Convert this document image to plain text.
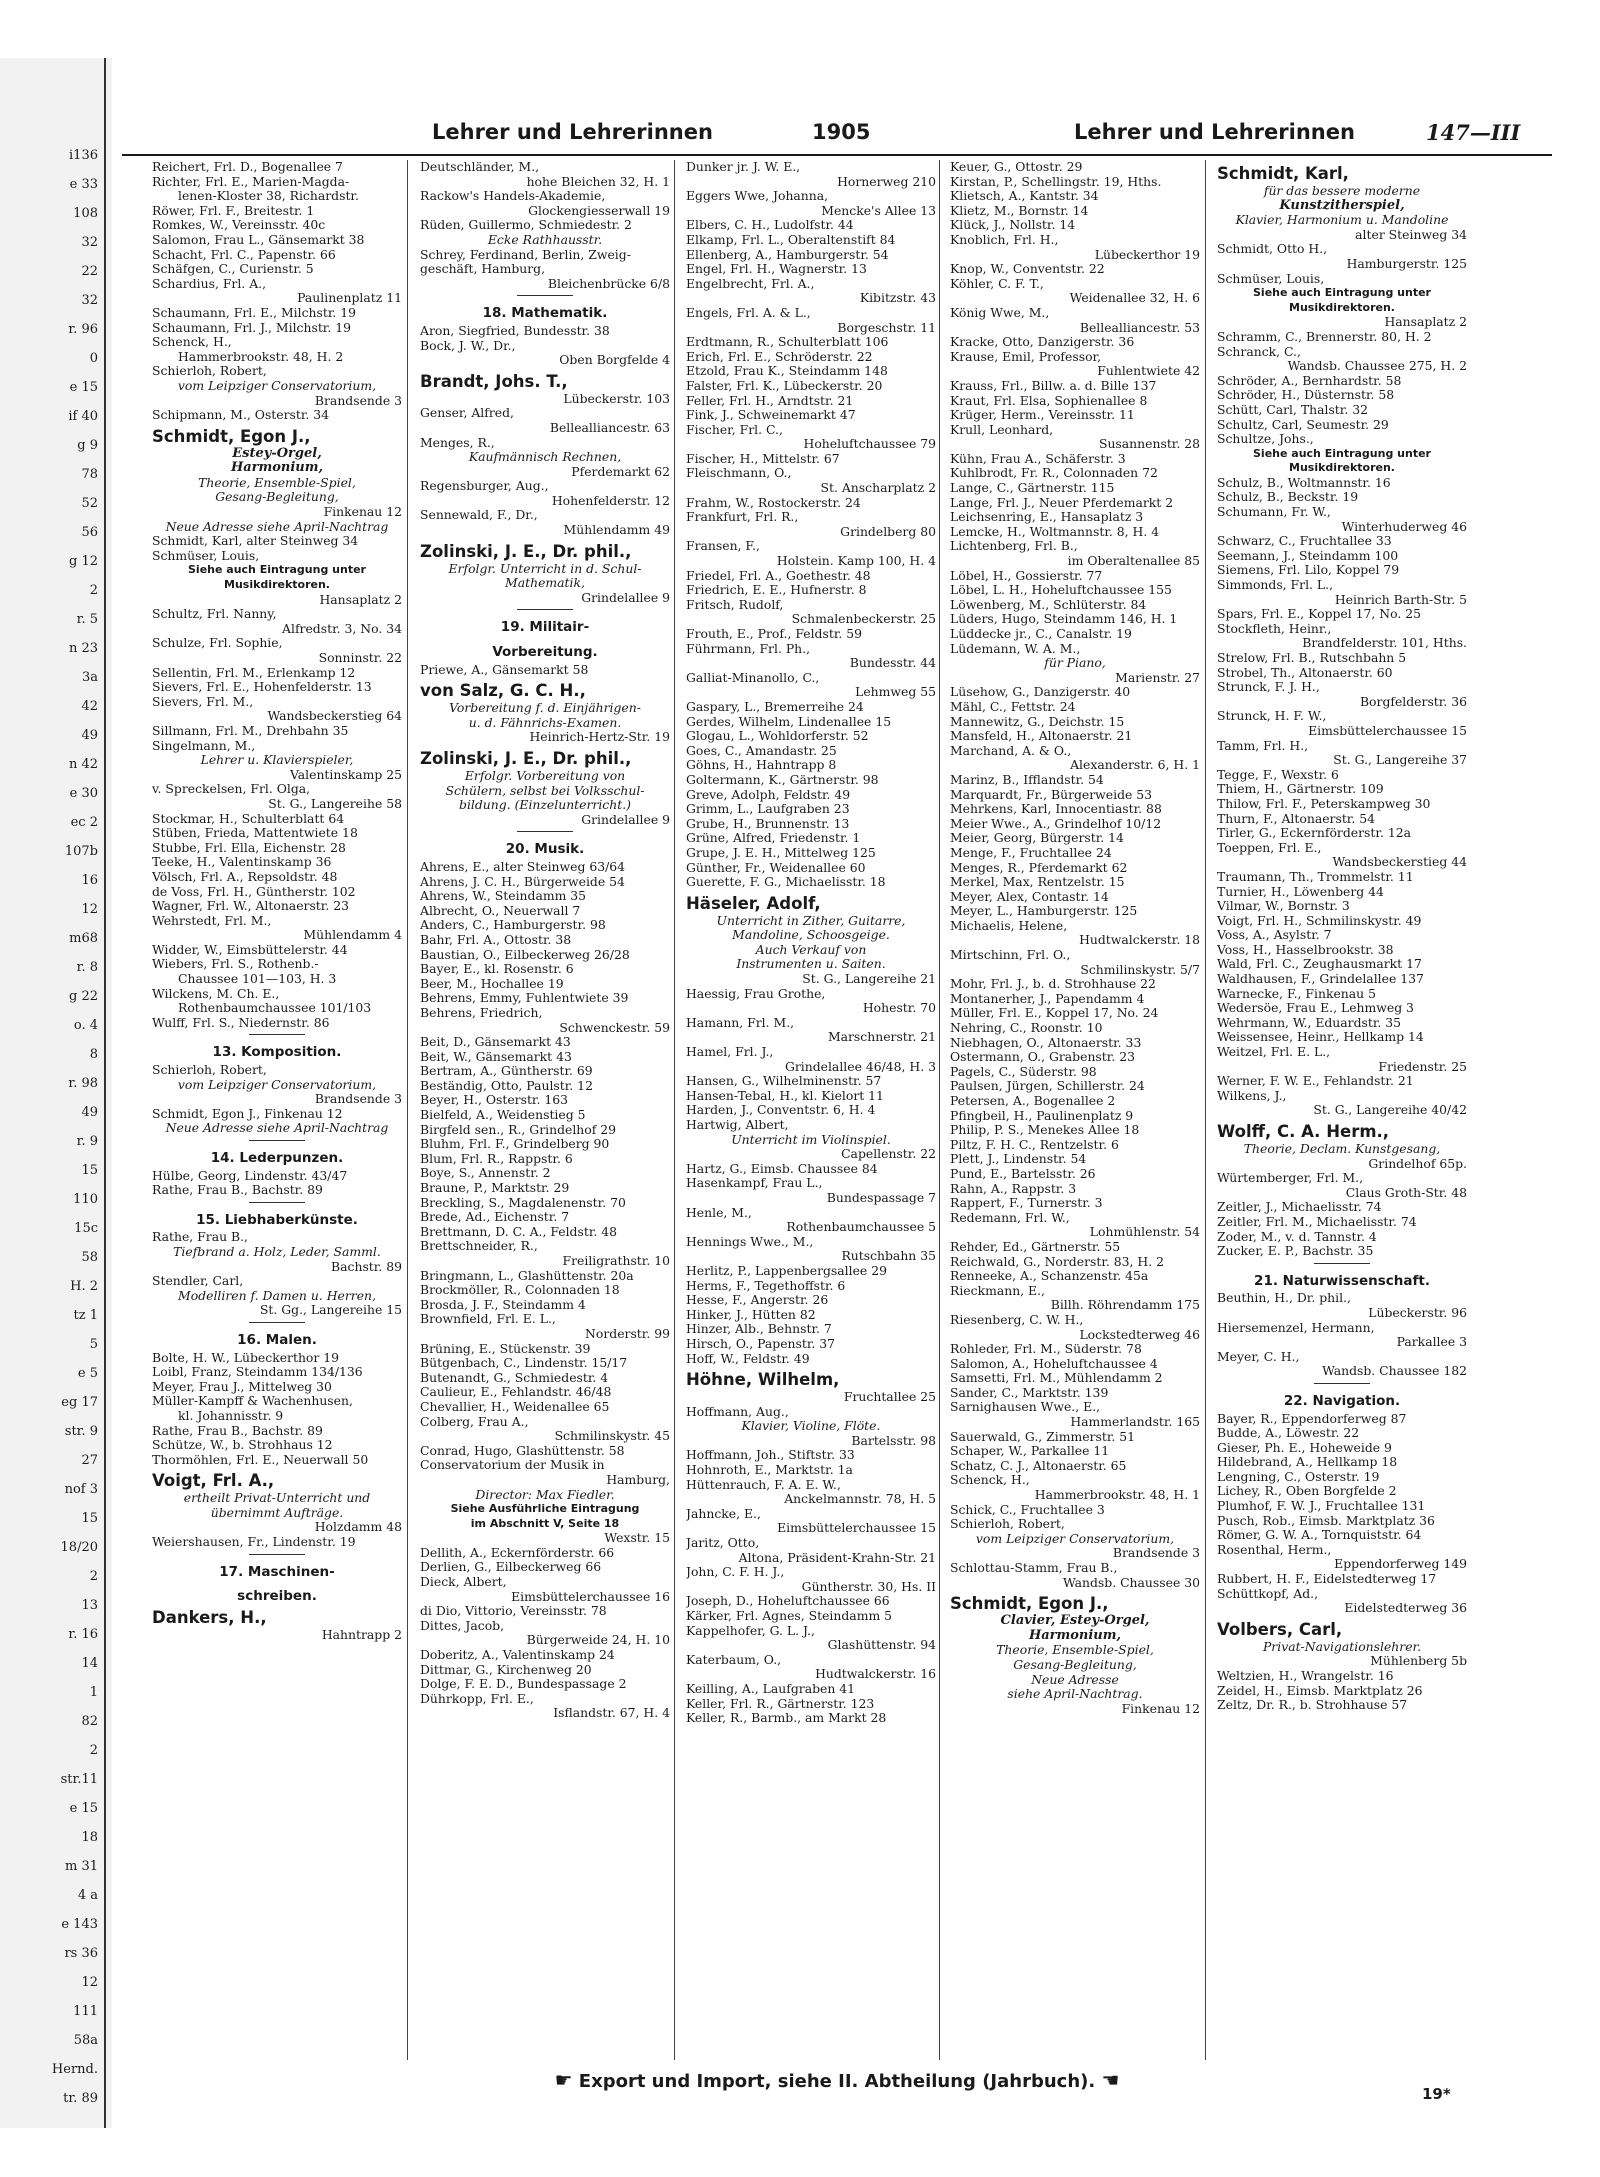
i136
e 33
108
32
22
32
r. 96
0
e 15
if 40
g 9
78
52
56
g 12
2
r. 5
n 23
3a
42
49
n 42
e 30
ec 2
107b
16
12
m68
r. 8
g 22
o. 4
8
r. 98
49
r. 9
15
110
15c
58
H. 2
tz 1
5
e 5
eg 17
str. 9
27
nof 3
15
18/20
2
13
r. 16
14
1
82
2
str.11
e 15
18
m 31
4 a
e 143
rs 36
12
111
58a
Hernd.
tr. 89
Lehrer und Lehrerinnen	1905	Lehrer und Lehrerinnen	147—III
Reichert, Frl. D., Bogenallee 7
Richter, Frl. E., Marien-Magda-
lenen-Kloster 38, Richardstr.
Röwer, Frl. F., Breitestr. 1
Romkes, W., Vereinsstr. 40c
Salomon, Frau L., Gänsemarkt 38
Schacht, Frl. C., Papenstr. 66
Schäfgen, C., Curienstr. 5
Schardius, Frl. A.,
Paulinenplatz 11
Schaumann, Frl. E., Milchstr. 19
Schaumann, Frl. J., Milchstr. 19
Schenck, H.,
Hammerbrookstr. 48, H. 2
Schierloh, Robert,
vom Leipziger Conservatorium,
Brandsende 3
Schipmann, M., Osterstr. 34
Schmidt, Egon J.,
Estey-Orgel,
Harmonium,
Theorie, Ensemble-Spiel,
Gesang-Begleitung,
Finkenau 12
Neue Adresse siehe April-Nachtrag
Schmidt, Karl, alter Steinweg 34
Schmüser, Louis,
Siehe auch Eintragung unter
Musikdirektoren.
Hansaplatz 2
Schultz, Frl. Nanny,
Alfredstr. 3, No. 34
Schulze, Frl. Sophie,
Sonninstr. 22
Sellentin, Frl. M., Erlenkamp 12
Sievers, Frl. E., Hohenfelderstr. 13
Sievers, Frl. M.,
Wandsbeckerstieg 64
Sillmann, Frl. M., Drehbahn 35
Singelmann, M.,
Lehrer u. Klavierspieler,
Valentinskamp 25
v. Spreckelsen, Frl. Olga,
St. G., Langereihe 58
Stockmar, H., Schulterblatt 64
Stüben, Frieda, Mattentwiete 18
Stubbe, Frl. Ella, Eichenstr. 28
Teeke, H., Valentinskamp 36
Völsch, Frl. A., Repsoldstr. 48
de Voss, Frl. H., Güntherstr. 102
Wagner, Frl. W., Altonaerstr. 23
Wehrstedt, Frl. M.,
Mühlendamm 4
Widder, W., Eimsbüttelerstr. 44
Wiebers, Frl. S., Rothenb.-
Chaussee 101—103, H. 3
Wilckens, M. Ch. E.,
Rothenbaumchaussee 101/103
Wulff, Frl. S., Niedernstr. 86
13. Komposition.
Schierloh, Robert,
vom Leipziger Conservatorium,
Brandsende 3
Schmidt, Egon J., Finkenau 12
Neue Adresse siehe April-Nachtrag
14. Lederpunzen.
Hülbe, Georg, Lindenstr. 43/47
Rathe, Frau B., Bachstr. 89
15. Liebhaberkünste.
Rathe, Frau B.,
Tiefbrand a. Holz, Leder, Samml.
Bachstr. 89
Stendler, Carl,
Modelliren f. Damen u. Herren,
St. Gg., Langereihe 15
16. Malen.
Bolte, H. W., Lübeckerthor 19
Loibl, Franz, Steindamm 134/136
Meyer, Frau J., Mittelweg 30
Müller-Kampff & Wachenhusen,
kl. Johannisstr. 9
Rathe, Frau B., Bachstr. 89
Schütze, W., b. Strohhaus 12
Thormöhlen, Frl. E., Neuerwall 50
Voigt, Frl. A.,
ertheilt Privat-Unterricht und
übernimmt Aufträge.
Holzdamm 48
Weiershausen, Fr., Lindenstr. 19
17. Maschinen-
schreiben.
Dankers, H.,
Hahntrapp 2
Deutschländer, M.,
hohe Bleichen 32, H. 1
Rackow's Handels-Akademie,
Glockengiesserwall 19
Rüden, Guillermo, Schmiedestr. 2
Ecke Rathhausstr.
Schrey, Ferdinand, Berlin, Zweig-
geschäft, Hamburg,
Bleichenbrücke 6/8
18. Mathematik.
Aron, Siegfried, Bundesstr. 38
Bock, J. W., Dr.,
Oben Borgfelde 4
Brandt, Johs. T.,
Lübeckerstr. 103
Genser, Alfred,
Bellealliancestr. 63
Menges, R.,
Kaufmännisch Rechnen,
Pferdemarkt 62
Regensburger, Aug.,
Hohenfelderstr. 12
Sennewald, F., Dr.,
Mühlendamm 49
Zolinski, J. E., Dr. phil.,
Erfolgr. Unterricht in d. Schul-
Mathematik,
Grindelallee 9
19. Militair-
Vorbereitung.
Priewe, A., Gänsemarkt 58
von Salz, G. C. H.,
Vorbereitung f. d. Einjährigen-
u. d. Fähnrichs-Examen.
Heinrich-Hertz-Str. 19
Zolinski, J. E., Dr. phil.,
Erfolgr. Vorbereitung von
Schülern, selbst bei Volksschul-
bildung. (Einzelunterricht.)
Grindelallee 9
20. Musik.
Ahrens, E., alter Steinweg 63/64
Ahrens, J. C. H., Bürgerweide 54
Ahrens, W., Steindamm 35
Albrecht, O., Neuerwall 7
Anders, C., Hamburgerstr. 98
Bahr, Frl. A., Ottostr. 38
Baustian, O., Eilbeckerweg 26/28
Bayer, E., kl. Rosenstr. 6
Beer, M., Hochallee 19
Behrens, Emmy, Fuhlentwiete 39
Behrens, Friedrich,
Schwenckestr. 59
Beit, D., Gänsemarkt 43
Beit, W., Gänsemarkt 43
Bertram, A., Güntherstr. 69
Beständig, Otto, Paulstr. 12
Beyer, H., Osterstr. 163
Bielfeld, A., Weidenstieg 5
Birgfeld sen., R., Grindelhof 29
Bluhm, Frl. F., Grindelberg 90
Blum, Frl. R., Rappstr. 6
Boye, S., Annenstr. 2
Braune, P., Marktstr. 29
Breckling, S., Magdalenenstr. 70
Brede, Ad., Eichenstr. 7
Brettmann, D. C. A., Feldstr. 48
Brettschneider, R.,
Freiligrathstr. 10
Bringmann, L., Glashüttenstr. 20a
Brockmöller, R., Colonnaden 18
Brosda, J. F., Steindamm 4
Brownfield, Frl. E. L.,
Norderstr. 99
Brüning, E., Stückenstr. 39
Bütgenbach, C., Lindenstr. 15/17
Butenandt, G., Schmiedestr. 4
Caulieur, E., Fehlandstr. 46/48
Chevallier, H., Weidenallee 65
Colberg, Frau A.,
Schmilinskystr. 45
Conrad, Hugo, Glashüttenstr. 58
Conservatorium der Musik in
Hamburg,
Director: Max Fiedler.
Siehe Ausführliche Eintragung
im Abschnitt V, Seite 18
Wexstr. 15
Dellith, A., Eckernförderstr. 66
Derlien, G., Eilbeckerweg 66
Dieck, Albert,
Eimsbüttelerchaussee 16
di Dio, Vittorio, Vereinsstr. 78
Dittes, Jacob,
Bürgerweide 24, H. 10
Doberitz, A., Valentinskamp 24
Dittmar, G., Kirchenweg 20
Dolge, F. E. D., Bundespassage 2
Dührkopp, Frl. E.,
Isflandstr. 67, H. 4
Dunker jr. J. W. E.,
Hornerweg 210
Eggers Wwe, Johanna,
Mencke's Allee 13
Elbers, C. H., Ludolfstr. 44
Elkamp, Frl. L., Oberaltenstift 84
Ellenberg, A., Hamburgerstr. 54
Engel, Frl. H., Wagnerstr. 13
Engelbrecht, Frl. A.,
Kibitzstr. 43
Engels, Frl. A. & L.,
Borgeschstr. 11
Erdtmann, R., Schulterblatt 106
Erich, Frl. E., Schröderstr. 22
Etzold, Frau K., Steindamm 148
Falster, Frl. K., Lübeckerstr. 20
Feller, Frl. H., Arndtstr. 21
Fink, J., Schweinemarkt 47
Fischer, Frl. C.,
Hoheluftchaussee 79
Fischer, H., Mittelstr. 67
Fleischmann, O.,
St. Anscharplatz 2
Frahm, W., Rostockerstr. 24
Frankfurt, Frl. R.,
Grindelberg 80
Fransen, F.,
Holstein. Kamp 100, H. 4
Friedel, Frl. A., Goethestr. 48
Friedrich, E. E., Hufnerstr. 8
Fritsch, Rudolf,
Schmalenbeckerstr. 25
Frouth, E., Prof., Feldstr. 59
Führmann, Frl. Ph.,
Bundesstr. 44
Galliat-Minanollo, C.,
Lehmweg 55
Gaspary, L., Bremerreihe 24
Gerdes, Wilhelm, Lindenallee 15
Glogau, L., Wohldorferstr. 52
Goes, C., Amandastr. 25
Göhns, H., Hahntrapp 8
Goltermann, K., Gärtnerstr. 98
Greve, Adolph, Feldstr. 49
Grimm, L., Laufgraben 23
Grube, H., Brunnenstr. 13
Grüne, Alfred, Friedenstr. 1
Grupe, J. E. H., Mittelweg 125
Günther, Fr., Weidenallee 60
Guerette, F. G., Michaelisstr. 18
Häseler, Adolf,
Unterricht in Zither, Guitarre,
Mandoline, Schoosgeige.
Auch Verkauf von
Instrumenten u. Saiten.
St. G., Langereihe 21
Haessig, Frau Grothe,
Hohestr. 70
Hamann, Frl. M.,
Marschnerstr. 21
Hamel, Frl. J.,
Grindelallee 46/48, H. 3
Hansen, G., Wilhelminenstr. 57
Hansen-Tebal, H., kl. Kielort 11
Harden, J., Conventstr. 6, H. 4
Hartwig, Albert,
Unterricht im Violinspiel.
Capellenstr. 22
Hartz, G., Eimsb. Chaussee 84
Hasenkampf, Frau L.,
Bundespassage 7
Henle, M.,
Rothenbaumchaussee 5
Hennings Wwe., M.,
Rutschbahn 35
Herlitz, P., Lappenbergsallee 29
Herms, F., Tegethoffstr. 6
Hesse, F., Angerstr. 26
Hinker, J., Hütten 82
Hinzer, Alb., Behnstr. 7
Hirsch, O., Papenstr. 37
Hoff, W., Feldstr. 49
Höhne, Wilhelm,
Fruchtallee 25
Hoffmann, Aug.,
Klavier, Violine, Flöte.
Bartelsstr. 98
Hoffmann, Joh., Stiftstr. 33
Hohnroth, E., Marktstr. 1a
Hüttenrauch, F. A. E. W.,
Anckelmannstr. 78, H. 5
Jahncke, E.,
Eimsbüttelerchaussee 15
Jaritz, Otto,
Altona, Präsident-Krahn-Str. 21
John, C. F. H. J.,
Güntherstr. 30, Hs. II
Joseph, D., Hoheluftchaussee 66
Kärker, Frl. Agnes, Steindamm 5
Kappelhofer, G. L. J.,
Glashüttenstr. 94
Katerbaum, O.,
Hudtwalckerstr. 16
Keilling, A., Laufgraben 41
Keller, Frl. R., Gärtnerstr. 123
Keller, R., Barmb., am Markt 28
Keuer, G., Ottostr. 29
Kirstan, P., Schellingstr. 19, Hths.
Klietsch, A., Kantstr. 34
Klietz, M., Bornstr. 14
Klück, J., Nollstr. 14
Knoblich, Frl. H.,
Lübeckerthor 19
Knop, W., Conventstr. 22
Köhler, C. F. T.,
Weidenallee 32, H. 6
König Wwe, M.,
Bellealliancestr. 53
Kracke, Otto, Danzigerstr. 36
Krause, Emil, Professor,
Fuhlentwiete 42
Krauss, Frl., Billw. a. d. Bille 137
Kraut, Frl. Elsa, Sophienallee 8
Krüger, Herm., Vereinsstr. 11
Krull, Leonhard,
Susannenstr. 28
Kühn, Frau A., Schäferstr. 3
Kuhlbrodt, Fr. R., Colonnaden 72
Lange, C., Gärtnerstr. 115
Lange, Frl. J., Neuer Pferdemarkt 2
Leichsenring, E., Hansaplatz 3
Lemcke, H., Woltmannstr. 8, H. 4
Lichtenberg, Frl. B.,
im Oberaltenallee 85
Löbel, H., Gossierstr. 77
Löbel, L. H., Hoheluftchaussee 155
Löwenberg, M., Schlüterstr. 84
Lüders, Hugo, Steindamm 146, H. 1
Lüddecke jr., C., Canalstr. 19
Lüdemann, W. A. M.,
für Piano,
Marienstr. 27
Lüsehow, G., Danzigerstr. 40
Mähl, C., Fettstr. 24
Mannewitz, G., Deichstr. 15
Mansfeld, H., Altonaerstr. 21
Marchand, A. & O.,
Alexanderstr. 6, H. 1
Marinz, B., Ifflandstr. 54
Marquardt, Fr., Bürgerweide 53
Mehrkens, Karl, Innocentiastr. 88
Meier Wwe., A., Grindelhof 10/12
Meier, Georg, Bürgerstr. 14
Menge, F., Fruchtallee 24
Menges, R., Pferdemarkt 62
Merkel, Max, Rentzelstr. 15
Meyer, Alex, Contastr. 14
Meyer, L., Hamburgerstr. 125
Michaelis, Helene,
Hudtwalckerstr. 18
Mirtschinn, Frl. O.,
Schmilinskystr. 5/7
Mohr, Frl. J., b. d. Strohhause 22
Montanerher, J., Papendamm 4
Müller, Frl. E., Koppel 17, No. 24
Nehring, C., Roonstr. 10
Niebhagen, O., Altonaerstr. 33
Ostermann, O., Grabenstr. 23
Pagels, C., Süderstr. 98
Paulsen, Jürgen, Schillerstr. 24
Petersen, A., Bogenallee 2
Pfingbeil, H., Paulinenplatz 9
Philip, P. S., Menekes Allee 18
Piltz, F. H. C., Rentzelstr. 6
Plett, J., Lindenstr. 54
Pund, E., Bartelsstr. 26
Rahn, A., Rappstr. 3
Rappert, F., Turnerstr. 3
Redemann, Frl. W.,
Lohmühlenstr. 54
Rehder, Ed., Gärtnerstr. 55
Reichwald, G., Norderstr. 83, H. 2
Renneeke, A., Schanzenstr. 45a
Rieckmann, E.,
Billh. Röhrendamm 175
Riesenberg, C. W. H.,
Lockstedterweg 46
Rohleder, Frl. M., Süderstr. 78
Salomon, A., Hoheluftchaussee 4
Samsetti, Frl. M., Mühlendamm 2
Sander, C., Marktstr. 139
Sarnighausen Wwe., E.,
Hammerlandstr. 165
Sauerwald, G., Zimmerstr. 51
Schaper, W., Parkallee 11
Schatz, C. J., Altonaerstr. 65
Schenck, H.,
Hammerbrookstr. 48, H. 1
Schick, C., Fruchtallee 3
Schierloh, Robert,
vom Leipziger Conservatorium,
Brandsende 3
Schlottau-Stamm, Frau B.,
Wandsb. Chaussee 30
Schmidt, Egon J.,
Clavier, Estey-Orgel,
Harmonium,
Theorie, Ensemble-Spiel,
Gesang-Begleitung,
Neue Adresse
siehe April-Nachtrag.
Finkenau 12
Schmidt, Karl,
für das bessere moderne
Kunstzitherspiel,
Klavier, Harmonium u. Mandoline
alter Steinweg 34
Schmidt, Otto H.,
Hamburgerstr. 125
Schmüser, Louis,
Siehe auch Eintragung unter
Musikdirektoren.
Hansaplatz 2
Schramm, C., Brennerstr. 80, H. 2
Schranck, C.,
Wandsb. Chaussee 275, H. 2
Schröder, A., Bernhardstr. 58
Schröder, H., Düsternstr. 58
Schütt, Carl, Thalstr. 32
Schultz, Carl, Seumestr. 29
Schultze, Johs.,
Siehe auch Eintragung unter
Musikdirektoren.
Schulz, B., Woltmannstr. 16
Schulz, B., Beckstr. 19
Schumann, Fr. W.,
Winterhuderweg 46
Schwarz, C., Fruchtallee 33
Seemann, J., Steindamm 100
Siemens, Frl. Lilo, Koppel 79
Simmonds, Frl. L.,
Heinrich Barth-Str. 5
Spars, Frl. E., Koppel 17, No. 25
Stockfleth, Heinr.,
Brandfelderstr. 101, Hths.
Strelow, Frl. B., Rutschbahn 5
Strobel, Th., Altonaerstr. 60
Strunck, F. J. H.,
Borgfelderstr. 36
Strunck, H. F. W.,
Eimsbüttelerchaussee 15
Tamm, Frl. H.,
St. G., Langereihe 37
Tegge, F., Wexstr. 6
Thiem, H., Gärtnerstr. 109
Thilow, Frl. F., Peterskampweg 30
Thurn, F., Altonaerstr. 54
Tirler, G., Eckernförderstr. 12a
Toeppen, Frl. E.,
Wandsbeckerstieg 44
Traumann, Th., Trommelstr. 11
Turnier, H., Löwenberg 44
Vilmar, W., Bornstr. 3
Voigt, Frl. H., Schmilinskystr. 49
Voss, A., Asylstr. 7
Voss, H., Hasselbrookstr. 38
Wald, Frl. C., Zeughausmarkt 17
Waldhausen, F., Grindelallee 137
Warnecke, F., Finkenau 5
Wedersöe, Frau E., Lehmweg 3
Wehrmann, W., Eduardstr. 35
Weissensee, Heinr., Hellkamp 14
Weitzel, Frl. E. L.,
Friedenstr. 25
Werner, F. W. E., Fehlandstr. 21
Wilkens, J.,
St. G., Langereihe 40/42
Wolff, C. A. Herm.,
Theorie, Declam. Kunstgesang,
Grindelhof 65p.
Würtemberger, Frl. M.,
Claus Groth-Str. 48
Zeitler, J., Michaelisstr. 74
Zeitler, Frl. M., Michaelisstr. 74
Zoder, M., v. d. Tannstr. 4
Zucker, E. P., Bachstr. 35
21. Naturwissenschaft.
Beuthin, H., Dr. phil.,
Lübeckerstr. 96
Hiersemenzel, Hermann,
Parkallee 3
Meyer, C. H.,
Wandsb. Chaussee 182
22. Navigation.
Bayer, R., Eppendorferweg 87
Budde, A., Löwestr. 22
Gieser, Ph. E., Hoheweide 9
Hildebrand, A., Hellkamp 18
Lengning, C., Osterstr. 19
Lichey, R., Oben Borgfelde 2
Plumhof, F. W. J., Fruchtallee 131
Pusch, Rob., Eimsb. Marktplatz 36
Römer, G. W. A., Tornquiststr. 64
Rosenthal, Herm.,
Eppendorferweg 149
Rubbert, H. F., Eidelstedterweg 17
Schüttkopf, Ad.,
Eidelstedterweg 36
Volbers, Carl,
Privat-Navigationslehrer.
Mühlenberg 5b
Weltzien, H., Wrangelstr. 16
Zeidel, H., Eimsb. Marktplatz 26
Zeltz, Dr. R., b. Strohhause 57
☛ Export und Import, siehe II. Abtheilung (Jahrbuch). ☚
19*
